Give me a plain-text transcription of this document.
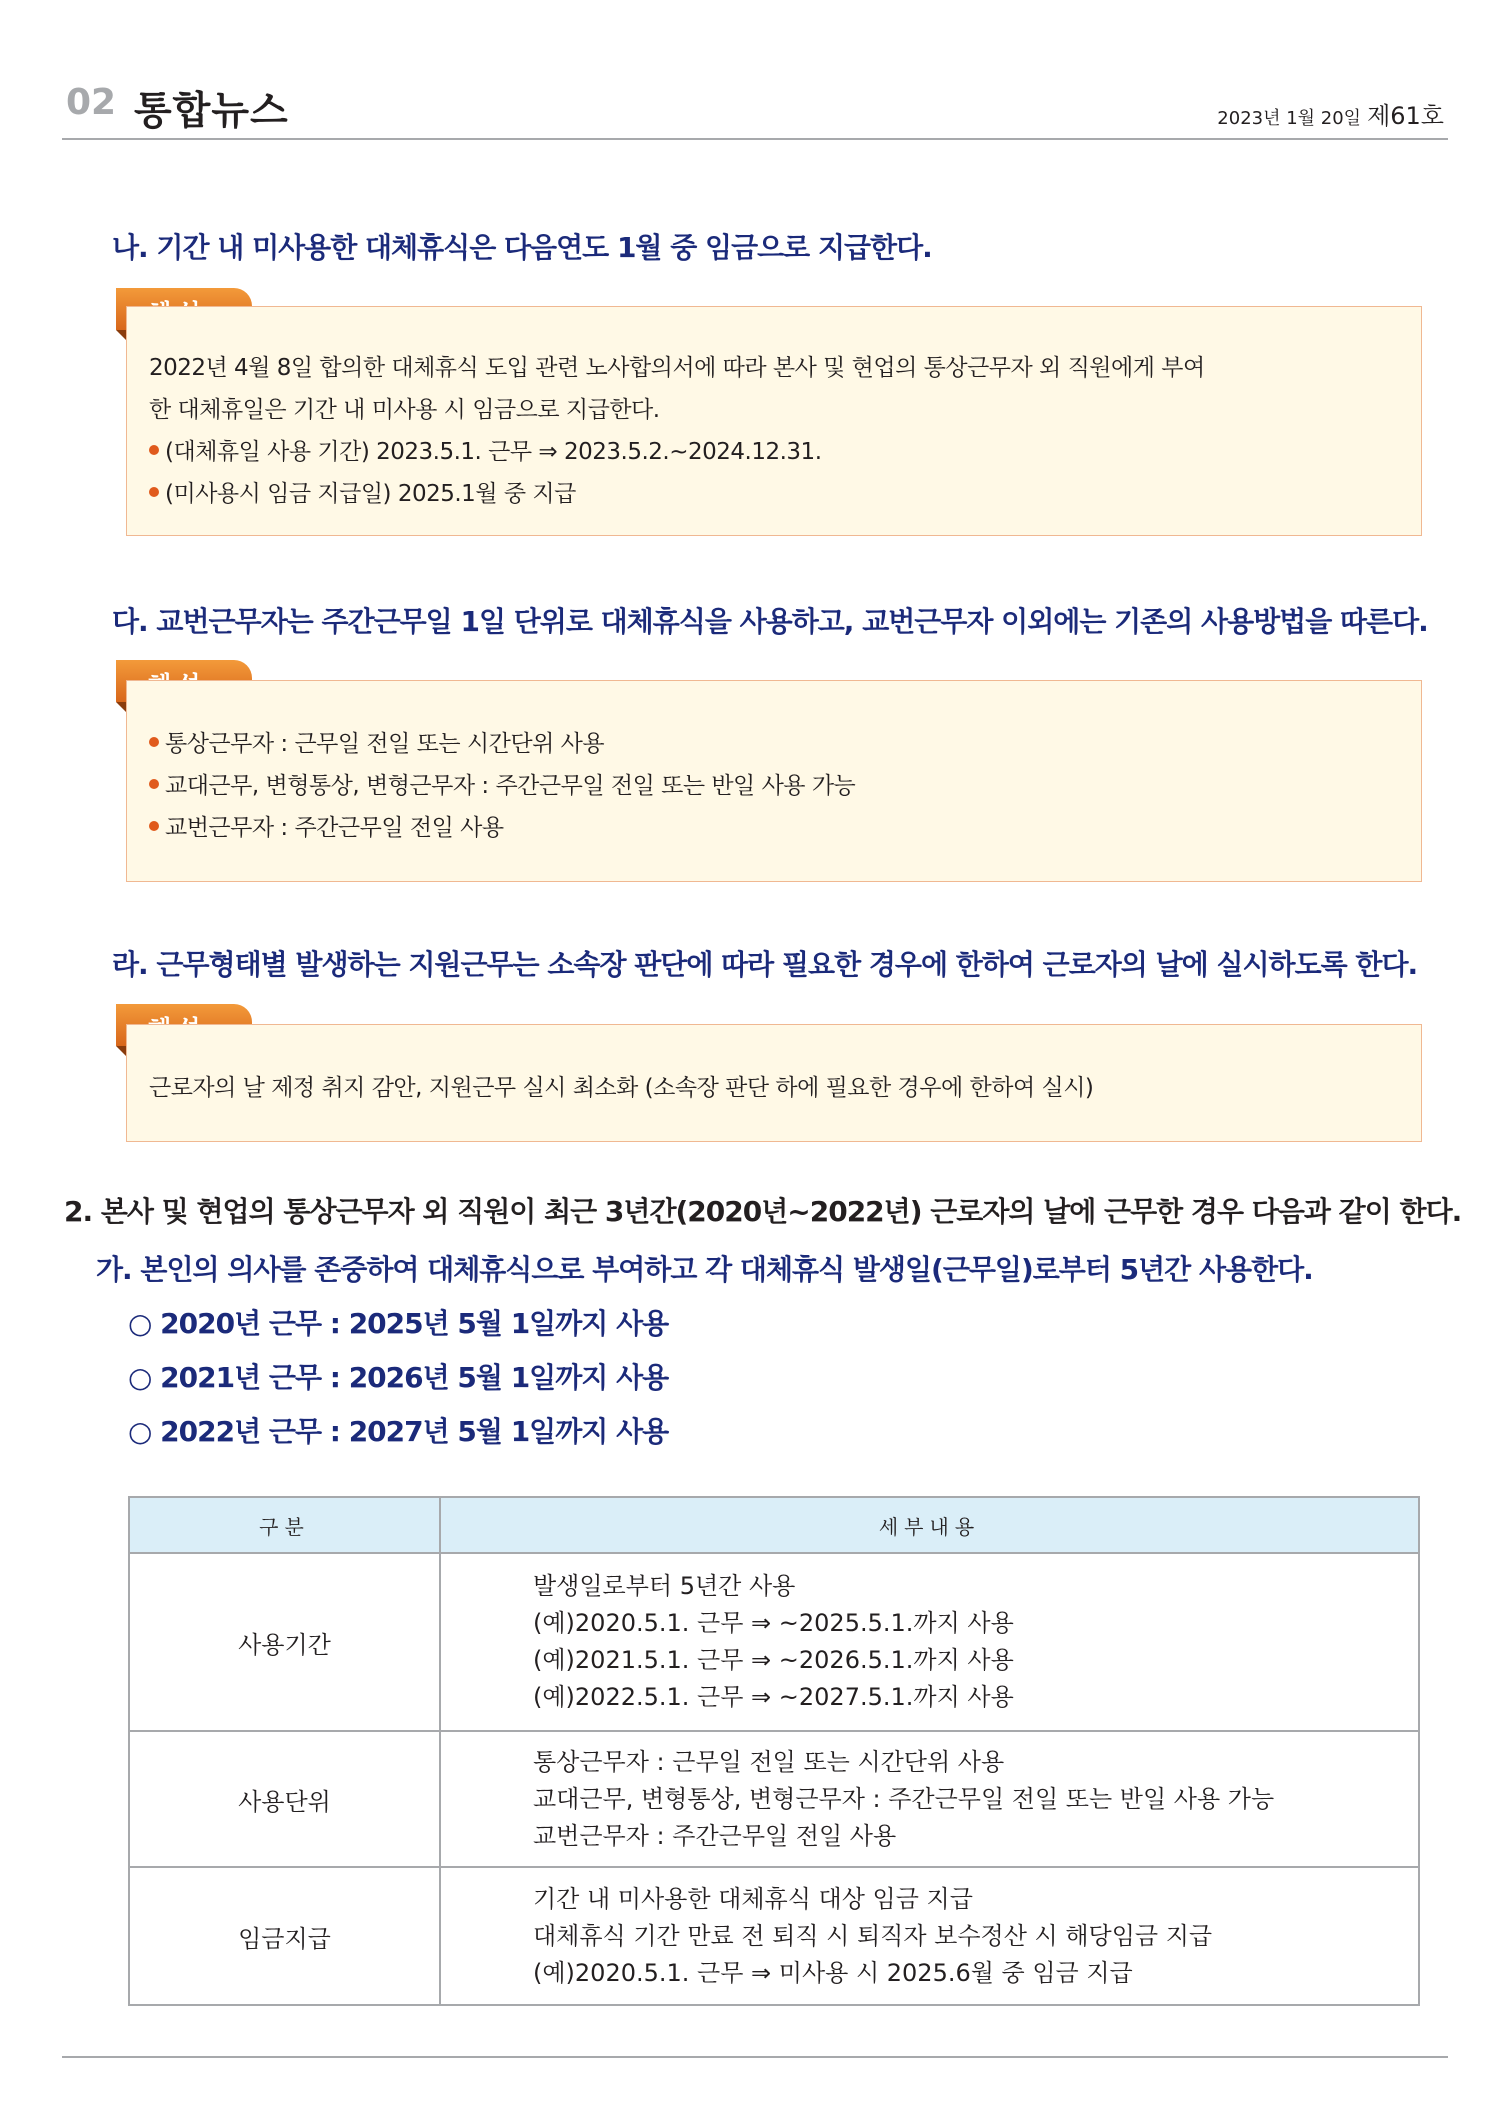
02 통합뉴스	2023년 1월 20일 제61호
나. 기간 내 미사용한 대체휴식은 다음연도 1월 중 임금으로 지급한다.
2022년 4월 8일 합의한 대체휴식 도입 관련 노사합의서에 따라 본사 및 현업의 통상근무자 외 직원에게 부여
한 대체휴일은 기간 내 미사용 시 임금으로 지급한다.
(대체휴일 사용 기간) 2023.5.1. 근무 ⇒ 2023.5.2.~2024.12.31.
(미사용시 임금 지급일) 2025.1월 중 지급
다. 교번근무자는 주간근무일 1일 단위로 대체휴식을 사용하고, 교번근무자 이외에는 기존의 사용방법을 따른다.
통상근무자 : 근무일 전일 또는 시간단위 사용
교대근무, 변형통상, 변형근무자 : 주간근무일 전일 또는 반일 사용 가능
교번근무자 : 주간근무일 전일 사용
라. 근무형태별 발생하는 지원근무는 소속장 판단에 따라 필요한 경우에 한하여 근로자의 날에 실시하도록 한다.
근로자의 날 제정 취지 감안, 지원근무 실시 최소화 (소속장 판단 하에 필요한 경우에 한하여 실시)
2. 본사 및 현업의 통상근무자 외 직원이 최근 3년간(2020년~2022년) 근로자의 날에 근무한 경우 다음과 같이 한다.
가. 본인의 의사를 존중하여 대체휴식으로 부여하고 각 대체휴식 발생일(근무일)로부터 5년간 사용한다.
○ 2020년 근무 : 2025년 5월 1일까지 사용
○ 2021년 근무 : 2026년 5월 1일까지 사용
○ 2022년 근무 : 2027년 5월 1일까지 사용
구분	세부내용
사용기간	발생일로부터 5년간 사용
(예)2020.5.1. 근무 ⇒ ~2025.5.1.까지 사용
(예)2021.5.1. 근무 ⇒ ~2026.5.1.까지 사용
(예)2022.5.1. 근무 ⇒ ~2027.5.1.까지 사용

사용단위	통상근무자 : 근무일 전일 또는 시간단위 사용
교대근무, 변형통상, 변형근무자 : 주간근무일 전일 또는 반일 사용 가능
교번근무자 : 주간근무일 전일 사용

임금지급	기간 내 미사용한 대체휴식 대상 임금 지급
대체휴식 기간 만료 전 퇴직 시 퇴직자 보수정산 시 해당임금 지급
(예)2020.5.1. 근무 ⇒ 미사용 시 2025.6월 중 임금 지급
